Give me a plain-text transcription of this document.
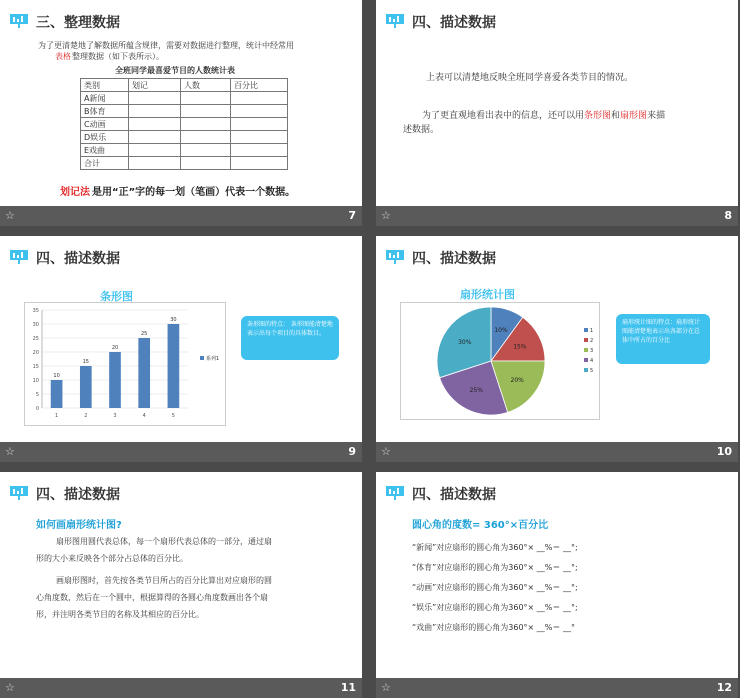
三、整理数据
为了更清楚地了解数据所蕴含规律，需要对数据进行整理，统计中经常用
表格 整理数据（如下表所示）。
全班同学最喜爱节目的人数统计表
类别	划记	人数	百分比
A新闻			
B体育			
C动画			
D娱乐			
E戏曲			
合计			
划记法 是用“正”字的每一划（笔画）代表一个数据。
☆	7
四、描述数据
上表可以清楚地反映全班同学喜爱各类节目的情况。
为了更直观地看出表中的信息，还可以用条形图和扇形图来描
述数据。
☆	8
四、描述数据
条形图
0
5
10
15
20
25
30
35
10
1
15
2
20
3
25
4
30
5
系列1
条形图的特点： 条形图能清楚地表示出每个项目的具体数目。
☆	9
四、描述数据
扇形统计图
10%
15%
20%
25%
30%
1
2
3
4
5
扇形统计图的特点：扇形统计图能清楚地表示出各部分在总体中所占的百分比
☆	10
四、描述数据
如何画扇形统计图?
扇形图用圆代表总体，每一个扇形代表总体的一部分，通过扇
形的大小来反映各个部分占总体的百分比。
画扇形图时，首先按各类节目所占的百分比算出对应扇形的圆
心角度数，然后在一个圆中，根据算得的各圆心角度数画出各个扇
形，并注明各类节目的名称及其相应的百分比。
☆	11
四、描述数据
圆心角的度数= 360°×百分比
“新闻”对应扇形的圆心角为360°× __%＝ __°;
“体育”对应扇形的圆心角为360°× __%＝ __°;
“动画”对应扇形的圆心角为360°× __%＝ __°;
“娱乐”对应扇形的圆心角为360°× __%＝ __°;
“戏曲”对应扇形的圆心角为360°× __%＝ __°
☆	12
